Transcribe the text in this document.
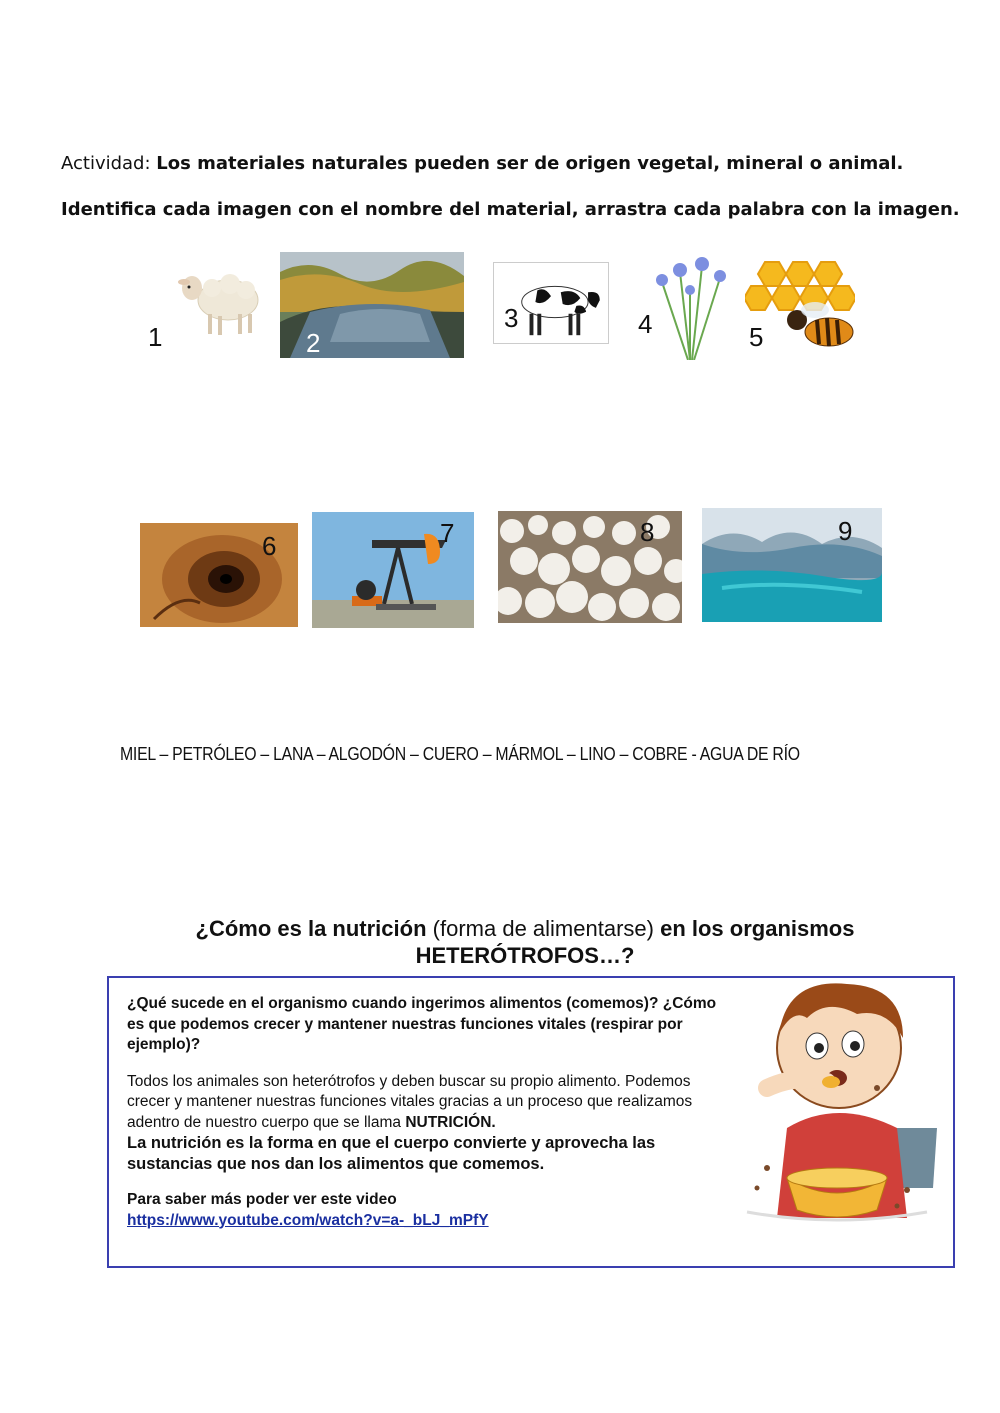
Actividad: Los materiales naturales pueden ser de origen vegetal, mineral o animal.
Identifica cada imagen con el nombre del material, arrastra cada palabra con la imagen.
1	2
3	4	5
6	7	8	9
MIEL – PETRÓLEO – LANA – ALGODÓN – CUERO – MÁRMOL – LINO – COBRE - AGUA DE RÍO
¿Cómo es la nutrición (forma de alimentarse) en los organismos
HETERÓTROFOS…?

¿Qué sucede en el organismo cuando ingerimos alimentos (comemos)? ¿Cómo es que podemos crecer y mantener nuestras funciones vitales (respirar por ejemplo)?

Todos los animales son heterótrofos y deben buscar su propio alimento. Podemos crecer y mantener nuestras funciones vitales gracias a un proceso que realizamos adentro de nuestro cuerpo que se llama NUTRICIÓN.

La nutrición es la forma en que el cuerpo convierte y aprovecha las sustancias que nos dan los alimentos que comemos.

Para saber más poder ver este video

https://www.youtube.com/watch?v=a-_bLJ_mPfY
